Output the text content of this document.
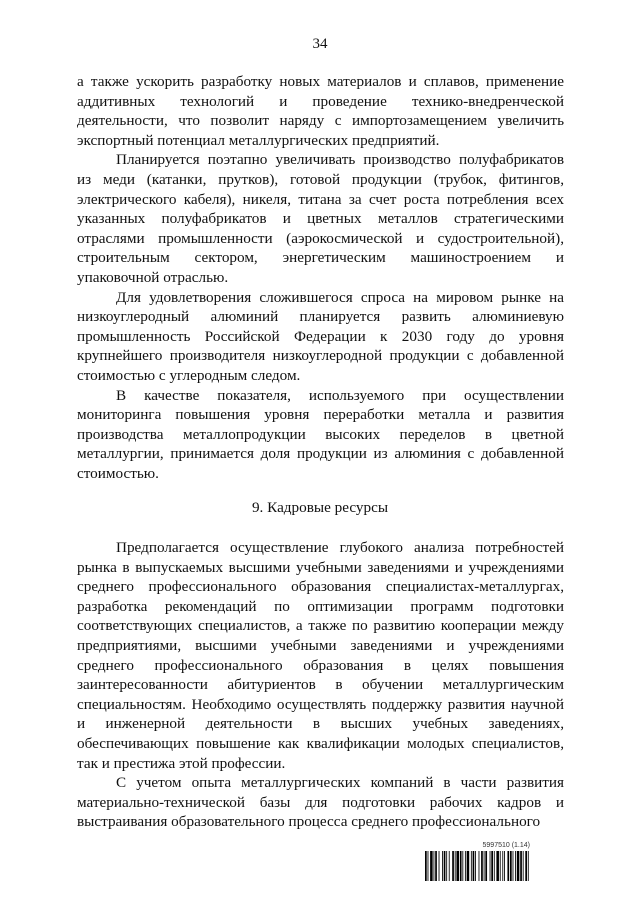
34

а также ускорить разработку новых материалов и сплавов, применение аддитивных технологий и проведение технико-внедренческой деятельности, что позволит наряду с импортозамещением увеличить экспортный потенциал металлургических предприятий.

Планируется поэтапно увеличивать производство полуфабрикатов из меди (катанки, прутков), готовой продукции (трубок, фитингов, электрического кабеля), никеля, титана за счет роста потребления всех указанных полуфабрикатов и цветных металлов стратегическими отраслями промышленности (аэрокосмической и судостроительной), строительным сектором, энергетическим машиностроением и упаковочной отраслью.

Для удовлетворения сложившегося спроса на мировом рынке на низкоуглеродный алюминий планируется развить алюминиевую промышленность Российской Федерации к 2030 году до уровня крупнейшего производителя низкоуглеродной продукции с добавленной стоимостью с углеродным следом.

В качестве показателя, используемого при осуществлении мониторинга повышения уровня переработки металла и развития производства металлопродукции высоких переделов в цветной металлургии, принимается доля продукции из алюминия с добавленной стоимостью.

9. Кадровые ресурсы

Предполагается осуществление глубокого анализа потребностей рынка в выпускаемых высшими учебными заведениями и учреждениями среднего профессионального образования специалистах-металлургах, разработка рекомендаций по оптимизации программ подготовки соответствующих специалистов, а также по развитию кооперации между предприятиями, высшими учебными заведениями и учреждениями среднего профессионального образования в целях повышения заинтересованности абитуриентов в обучении металлургическим специальностям. Необходимо осуществлять поддержку развития научной и инженерной деятельности в высших учебных заведениях, обеспечивающих повышение как квалификации молодых специалистов, так и престижа этой профессии.

С учетом опыта металлургических компаний в части развития материально-технической базы для подготовки рабочих кадров и выстраивания образовательного процесса среднего профессионального

5997510 (1.14)
